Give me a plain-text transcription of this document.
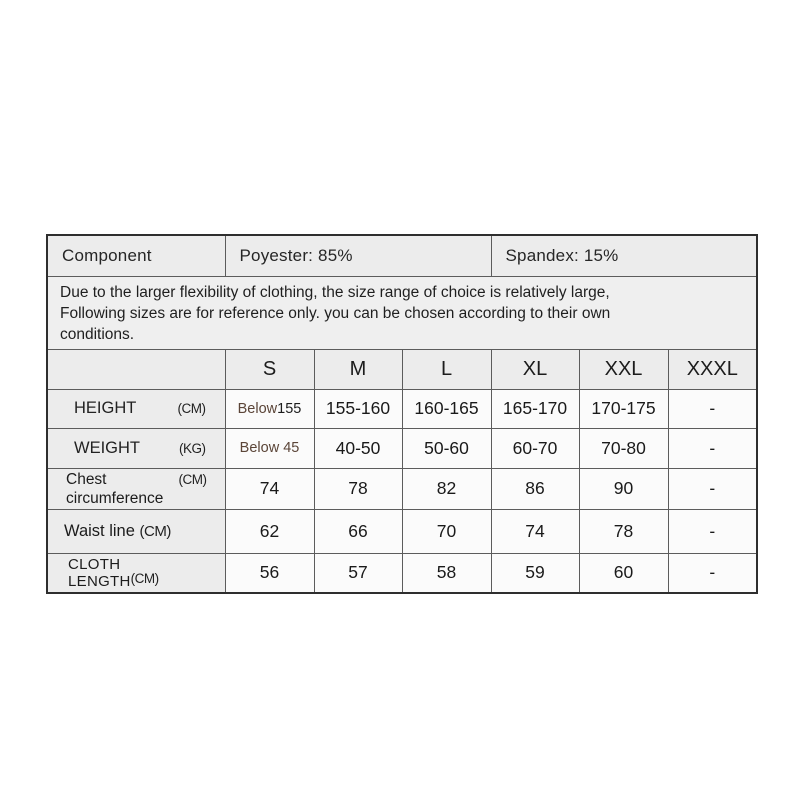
Component	Poyester: 85%			Spandex: 15%		

Due to the larger flexibility of clothing, the size range of choice is relatively large,
Following sizes are for reference only. you can be chosen according to their own
conditions.						

	S	M	L	XL	XXL	XXXL

HEIGHT (CM)	Below155	155-160	160-165	165-170	170-175	-

WEIGHT (KG)	Below 45	40-50	50-60	60-70	70-80	-

Chest (CM)
circumference	74	78	82	86	90	-
Waist line (CM)	62	66	70	74	78	-

CLOTH
LENGTH(CM)	56	57	58	59	60	-
